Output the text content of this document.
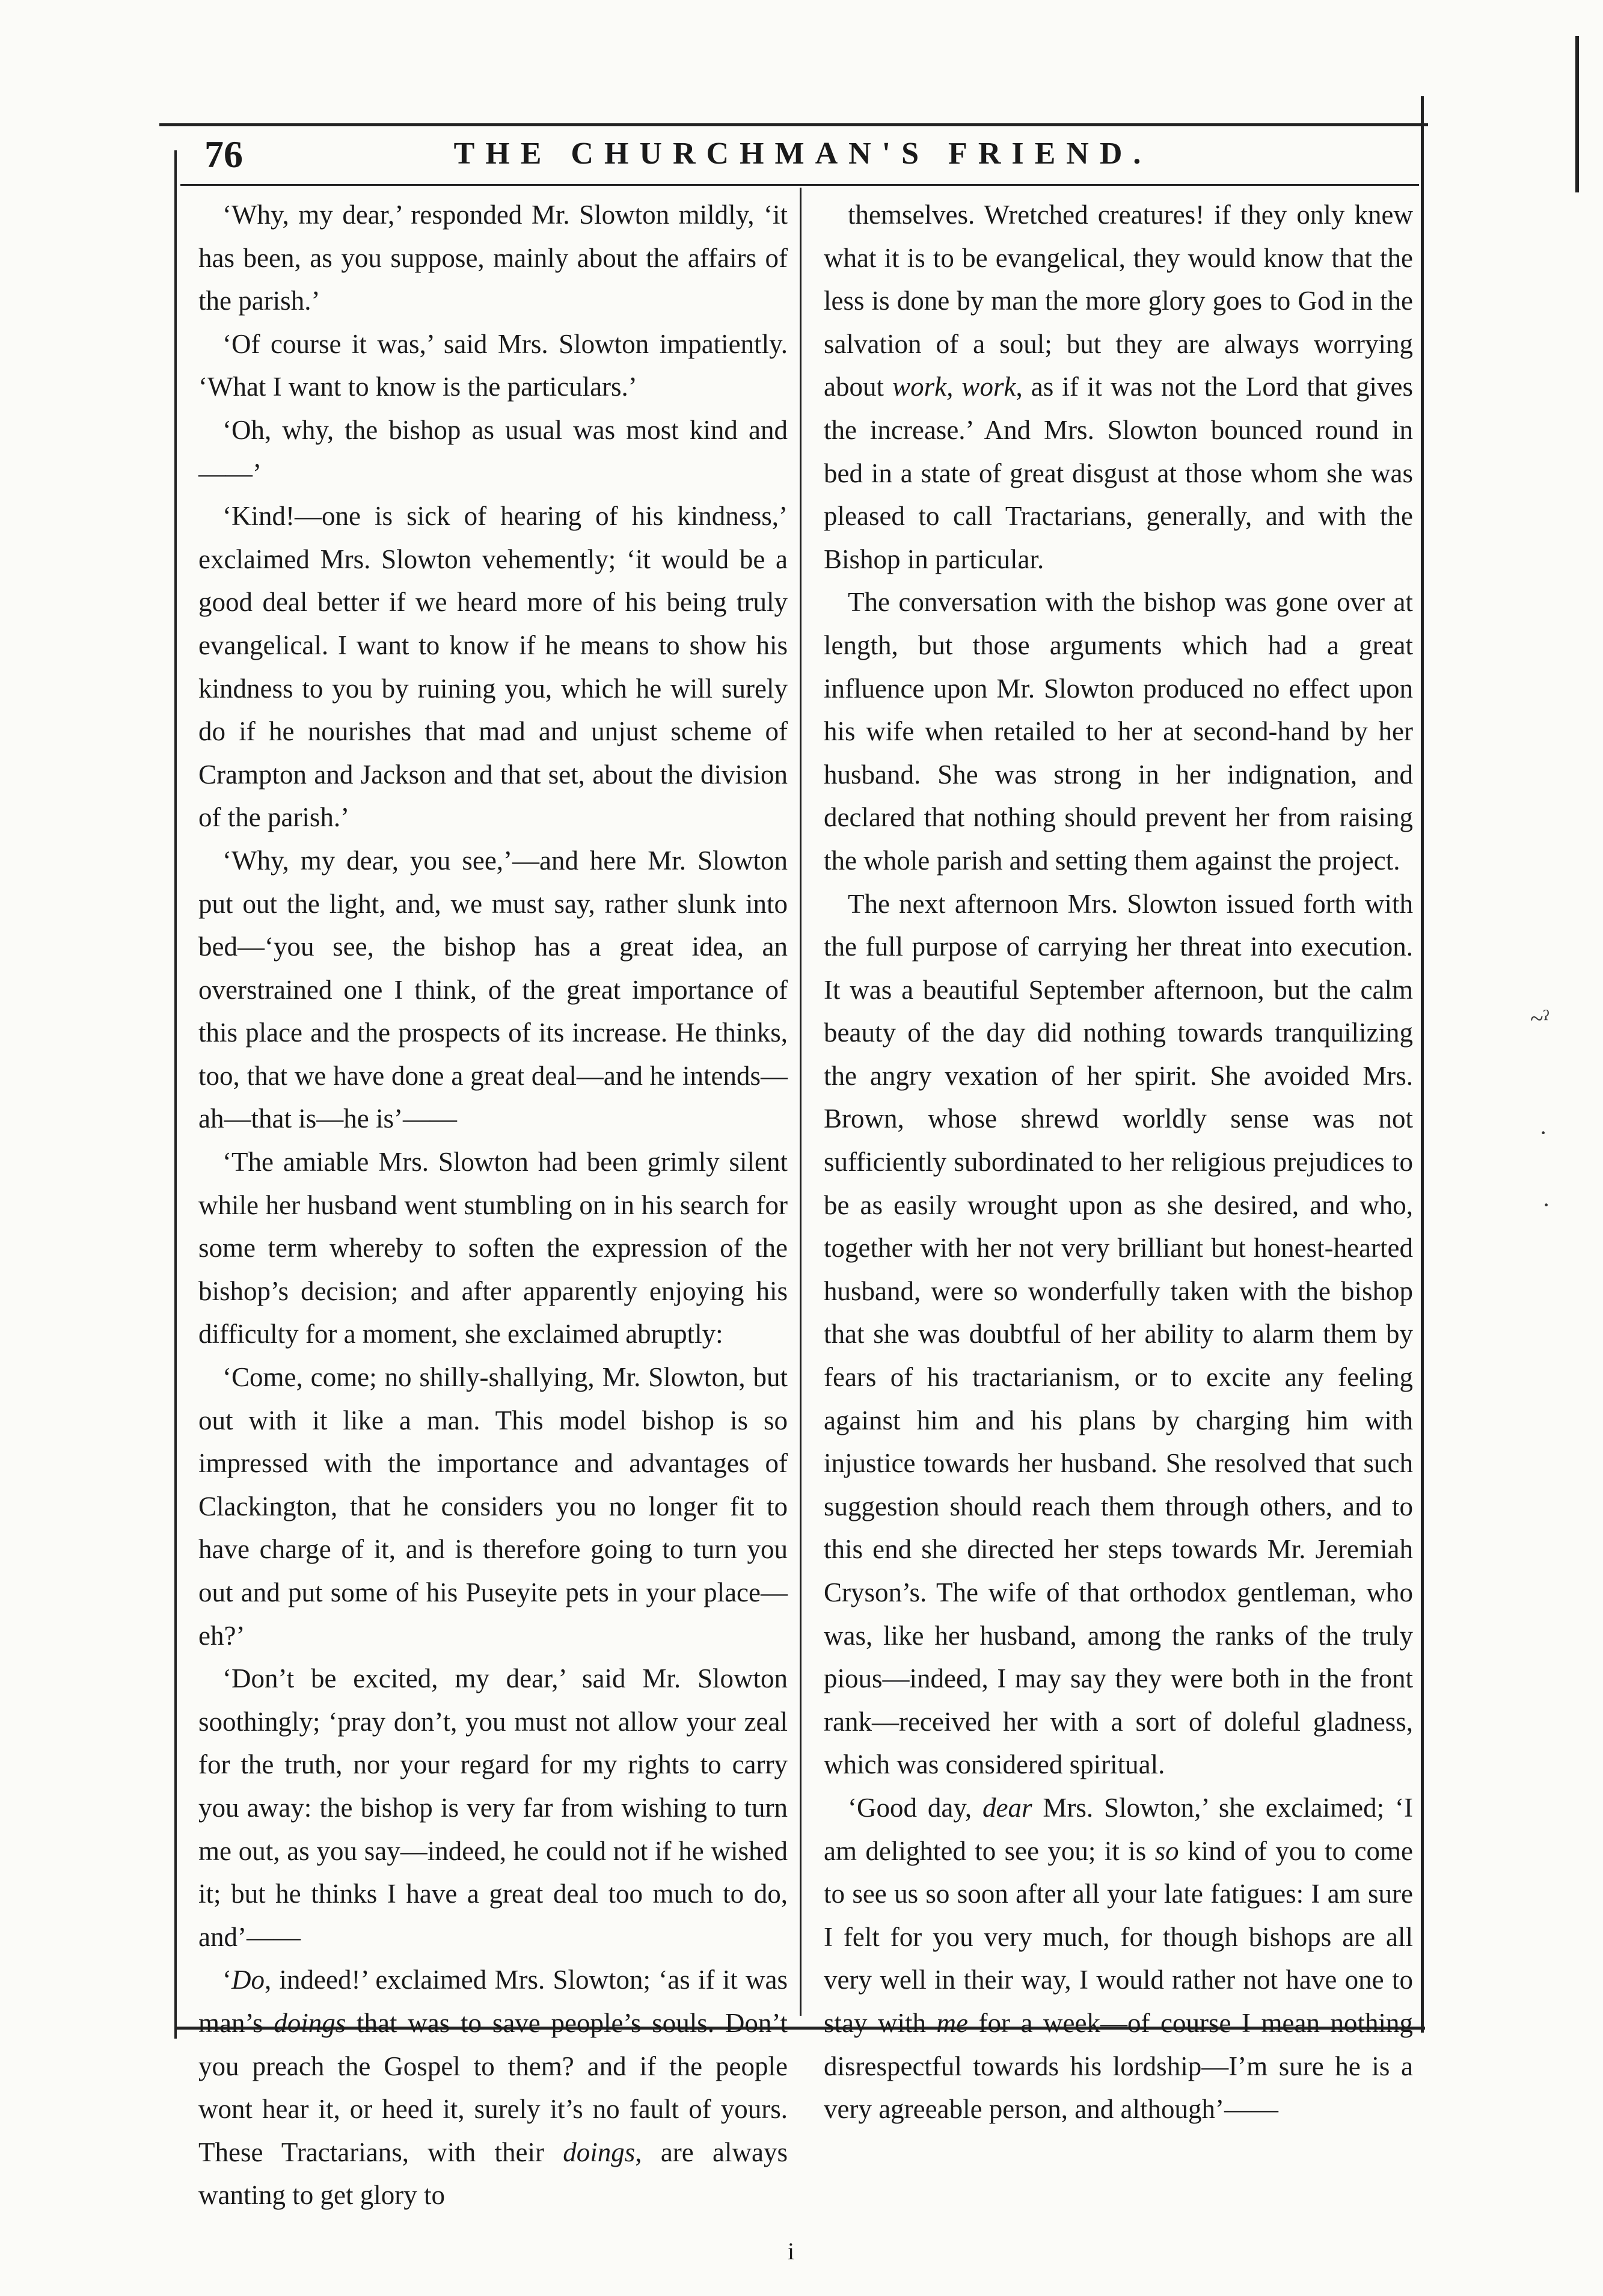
76	THE CHURCHMAN'S FRIEND.

‘Why, my dear,’ responded Mr. Slowton mildly, ‘it has been, as you suppose, mainly about the affairs of the parish.’

‘Of course it was,’ said Mrs. Slowton impatiently. ‘What I want to know is the particulars.’

‘Oh, why, the bishop as usual was most kind and——’

‘Kind!—one is sick of hearing of his kindness,’ exclaimed Mrs. Slowton vehemently; ‘it would be a good deal better if we heard more of his being truly evangelical. I want to know if he means to show his kindness to you by ruining you, which he will surely do if he nourishes that mad and unjust scheme of Crampton and Jackson and that set, about the division of the parish.’

‘Why, my dear, you see,’—and here Mr. Slowton put out the light, and, we must say, rather slunk into bed—‘you see, the bishop has a great idea, an overstrained one I think, of the great importance of this place and the prospects of its increase. He thinks, too, that we have done a great deal—and he intends—ah—that is—he is’——

‘The amiable Mrs. Slowton had been grimly silent while her husband went stumbling on in his search for some term whereby to soften the expression of the bishop’s decision; and after apparently enjoying his difficulty for a moment, she exclaimed abruptly:

‘Come, come; no shilly-shallying, Mr. Slowton, but out with it like a man. This model bishop is so impressed with the importance and advantages of Clackington, that he considers you no longer fit to have charge of it, and is therefore going to turn you out and put some of his Puseyite pets in your place—eh?’

‘Don’t be excited, my dear,’ said Mr. Slowton soothingly; ‘pray don’t, you must not allow your zeal for the truth, nor your regard for my rights to carry you away: the bishop is very far from wishing to turn me out, as you say—indeed, he could not if he wished it; but he thinks I have a great deal too much to do, and’——

‘Do, indeed!’ exclaimed Mrs. Slowton; ‘as if it was man’s doings that was to save people’s souls. Don’t you preach the Gospel to them? and if the people wont hear it, or heed it, surely it’s no fault of yours. These Tractarians, with their doings, are always wanting to get glory to

themselves. Wretched creatures! if they only knew what it is to be evangelical, they would know that the less is done by man the more glory goes to God in the salvation of a soul; but they are always worrying about work, work, as if it was not the Lord that gives the increase.’ And Mrs. Slowton bounced round in bed in a state of great disgust at those whom she was pleased to call Tractarians, generally, and with the Bishop in particular.

The conversation with the bishop was gone over at length, but those arguments which had a great influence upon Mr. Slowton produced no effect upon his wife when retailed to her at second-hand by her husband. She was strong in her indignation, and declared that nothing should prevent her from raising the whole parish and setting them against the project.

The next afternoon Mrs. Slowton issued forth with the full purpose of carrying her threat into execution. It was a beautiful September afternoon, but the calm beauty of the day did nothing towards tranquilizing the angry vexation of her spirit. She avoided Mrs. Brown, whose shrewd worldly sense was not sufficiently subordinated to her religious prejudices to be as easily wrought upon as she desired, and who, together with her not very brilliant but honest-hearted husband, were so wonderfully taken with the bishop that she was doubtful of her ability to alarm them by fears of his tractarianism, or to excite any feeling against him and his plans by charging him with injustice towards her husband. She resolved that such suggestion should reach them through others, and to this end she directed her steps towards Mr. Jeremiah Cryson’s. The wife of that orthodox gentleman, who was, like her husband, among the ranks of the truly pious—indeed, I may say they were both in the front rank—received her with a sort of doleful gladness, which was considered spiritual.

‘Good day, dear Mrs. Slowton,’ she exclaimed; ‘I am delighted to see you; it is so kind of you to come to see us so soon after all your late fatigues: I am sure I felt for you very much, for though bishops are all very well in their way, I would rather not have one to stay with me for a week—of course I mean nothing disrespectful towards his lordship—I’m sure he is a very agreeable person, and although’——

~ˀ
·
·
i
